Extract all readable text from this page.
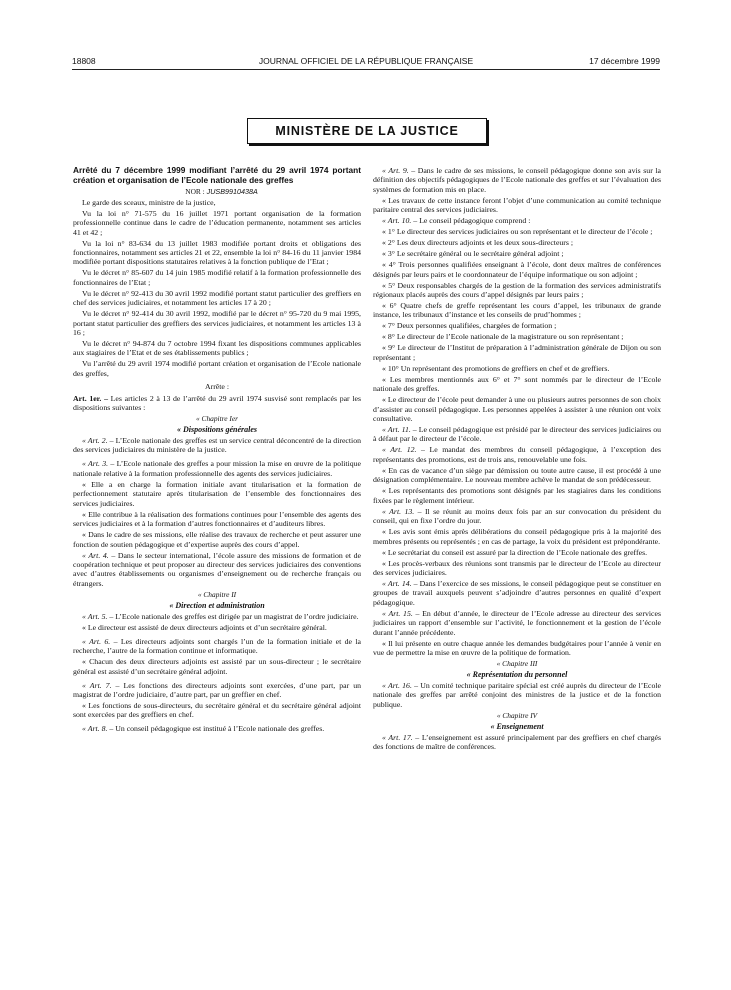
18808	JOURNAL OFFICIEL DE LA RÉPUBLIQUE FRANÇAISE	17 décembre 1999
MINISTÈRE DE LA JUSTICE

Arrêté du 7 décembre 1999 modifiant l’arrêté du 29 avril 1974 portant création et organisation de l’Ecole nationale des greffes

NOR : JUSB9910438A

Le garde des sceaux, ministre de la justice,

Vu la loi n° 71-575 du 16 juillet 1971 portant organisation de la formation professionnelle continue dans le cadre de l’éducation permanente, notamment ses articles 41 et 42 ;

Vu la loi n° 83-634 du 13 juillet 1983 modifiée portant droits et obligations des fonctionnaires, notamment ses articles 21 et 22, ensemble la loi n° 84-16 du 11 janvier 1984 modifiée portant dispositions statutaires relatives à la fonction publique de l’Etat ;

Vu le décret n° 85-607 du 14 juin 1985 modifié relatif à la formation professionnelle des fonctionnaires de l’Etat ;

Vu le décret n° 92-413 du 30 avril 1992 modifié portant statut particulier des greffiers en chef des services judiciaires, et notamment les articles 17 à 20 ;

Vu le décret n° 92-414 du 30 avril 1992, modifié par le décret n° 95-720 du 9 mai 1995, portant statut particulier des greffiers des services judiciaires, et notamment les articles 13 à 16 ;

Vu le décret n° 94-874 du 7 octobre 1994 fixant les dispositions communes applicables aux stagiaires de l’Etat et de ses établissements publics ;

Vu l’arrêté du 29 avril 1974 modifié portant création et organisation de l’Ecole nationale des greffes,

Arrête :

Art. 1er. – Les articles 2 à 13 de l’arrêté du 29 avril 1974 susvisé sont remplacés par les dispositions suivantes :

« Chapitre Ier

« Dispositions générales

« Art. 2. – L’Ecole nationale des greffes est un service central déconcentré de la direction des services judiciaires du ministère de la justice.

« Art. 3. – L’Ecole nationale des greffes a pour mission la mise en œuvre de la politique nationale relative à la formation professionnelle des agents des services judiciaires.

« Elle a en charge la formation initiale avant titularisation et la formation de perfectionnement statutaire après titularisation de l’ensemble des fonctionnaires des services judiciaires.

« Elle contribue à la réalisation des formations continues pour l’ensemble des agents des services judiciaires et à la formation d’autres fonctionnaires et d’auditeurs libres.

« Dans le cadre de ses missions, elle réalise des travaux de recherche et peut assurer une fonction de soutien pédagogique et d’expertise auprès des cours d’appel.

« Art. 4. – Dans le secteur international, l’école assure des missions de formation et de coopération technique et peut proposer au directeur des services judiciaires des conventions avec d’autres établissements ou organismes d’enseignement ou de recherche français ou étrangers.

« Chapitre II

« Direction et administration

« Art. 5. – L’Ecole nationale des greffes est dirigée par un magistrat de l’ordre judiciaire.

« Le directeur est assisté de deux directeurs adjoints et d’un secrétaire général.

« Art. 6. – Les directeurs adjoints sont chargés l’un de la formation initiale et de la recherche, l’autre de la formation continue et informatique.

« Chacun des deux directeurs adjoints est assisté par un sous-directeur ; le secrétaire général est assisté d’un secrétaire général adjoint.

« Art. 7. – Les fonctions des directeurs adjoints sont exercées, d’une part, par un magistrat de l’ordre judiciaire, d’autre part, par un greffier en chef.

« Les fonctions de sous-directeurs, du secrétaire général et du secrétaire général adjoint sont exercées par des greffiers en chef.

« Art. 8. – Un conseil pédagogique est institué à l’Ecole nationale des greffes.

« Art. 9. – Dans le cadre de ses missions, le conseil pédagogique donne son avis sur la définition des objectifs pédagogiques de l’Ecole nationale des greffes et sur l’évaluation des systèmes de formation mis en place.

« Les travaux de cette instance feront l’objet d’une communication au comité technique paritaire central des services judiciaires.

« Art. 10. – Le conseil pédagogique comprend :

« 1° Le directeur des services judiciaires ou son représentant et le directeur de l’école ;

« 2° Les deux directeurs adjoints et les deux sous-directeurs ;

« 3° Le secrétaire général ou le secrétaire général adjoint ;

« 4° Trois personnes qualifiées enseignant à l’école, dont deux maîtres de conférences désignés par leurs pairs et le coordonnateur de l’équipe informatique ou son adjoint ;

« 5° Deux responsables chargés de la gestion de la formation des services administratifs régionaux placés auprès des cours d’appel désignés par leurs pairs ;

« 6° Quatre chefs de greffe représentant les cours d’appel, les tribunaux de grande instance, les tribunaux d’instance et les conseils de prud’hommes ;

« 7° Deux personnes qualifiées, chargées de formation ;

« 8° Le directeur de l’Ecole nationale de la magistrature ou son représentant ;

« 9° Le directeur de l’Institut de préparation à l’administration générale de Dijon ou son représentant ;

« 10° Un représentant des promotions de greffiers en chef et de greffiers.

« Les membres mentionnés aux 6° et 7° sont nommés par le directeur de l’Ecole nationale des greffes.

« Le directeur de l’école peut demander à une ou plusieurs autres personnes de son choix d’assister au conseil pédagogique. Les personnes appelées à assister à une réunion ont voix consultative.

« Art. 11. – Le conseil pédagogique est présidé par le directeur des services judiciaires ou à défaut par le directeur de l’école.

« Art. 12. – Le mandat des membres du conseil pédagogique, à l’exception des représentants des promotions, est de trois ans, renouvelable une fois.

« En cas de vacance d’un siège par démission ou toute autre cause, il est procédé à une désignation complémentaire. Le nouveau membre achève le mandat de son prédécesseur.

« Les représentants des promotions sont désignés par les stagiaires dans les conditions fixées par le règlement intérieur.

« Art. 13. – Il se réunit au moins deux fois par an sur convocation du président du conseil, qui en fixe l’ordre du jour.

« Les avis sont émis après délibérations du conseil pédagogique pris à la majorité des membres présents ou représentés ; en cas de partage, la voix du président est prépondérante.

« Le secrétariat du conseil est assuré par la direction de l’Ecole nationale des greffes.

« Les procès-verbaux des réunions sont transmis par le directeur de l’Ecole au directeur des services judiciaires.

« Art. 14. – Dans l’exercice de ses missions, le conseil pédagogique peut se constituer en groupes de travail auxquels peuvent s’adjoindre d’autres personnes en qualité d’expert pédagogique.

« Art. 15. – En début d’année, le directeur de l’Ecole adresse au directeur des services judiciaires un rapport d’ensemble sur l’activité, le fonctionnement et la gestion de l’école durant l’année précédente.

« Il lui présente en outre chaque année les demandes budgétaires pour l’année à venir en vue de permettre la mise en œuvre de la politique de formation.

« Chapitre III

« Représentation du personnel

« Art. 16. – Un comité technique paritaire spécial est créé auprès du directeur de l’Ecole nationale des greffes par arrêté conjoint des ministres de la justice et de la fonction publique.

« Chapitre IV

« Enseignement

« Art. 17. – L’enseignement est assuré principalement par des greffiers en chef chargés des fonctions de maître de conférences.
